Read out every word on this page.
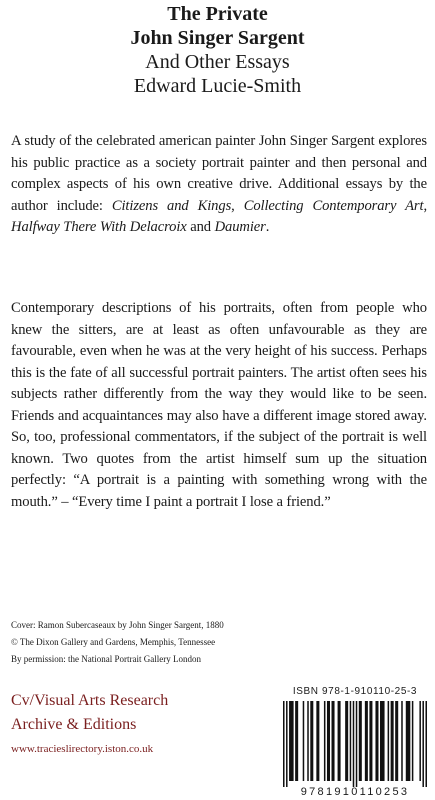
The Private
John Singer Sargent
And Other Essays
Edward Lucie-Smith
A study of the celebrated american painter John Singer Sargent explores his public practice as a society portrait painter and then personal and complex aspects of his own creative drive. Additional essays by the author include: Citizens and Kings, Collecting Contemporary Art, Halfway There With Delacroix and Daumier.
Contemporary descriptions of his portraits, often from people who knew the sitters, are at least as often unfavourable as they are favourable, even when he was at the very height of his success. Perhaps this is the fate of all successful portrait painters. The artist often sees his subjects rather differently from the way they would like to be seen. Friends and acquaintances may also have a different image stored away. So, too, professional commentators, if the subject of the portrait is well known. Two quotes from the artist himself sum up the situation perfectly: “A portrait is a painting with something wrong with the mouth.” – “Every time I paint a portrait I lose a friend.”
Cover: Ramon Subercaseaux by John Singer Sargent, 1880
© The Dixon Gallery and Gardens, Memphis, Tennessee
By permission: the National Portrait Gallery London
Cv/Visual Arts Research
Archive & Editions
www.tracieslirectory.iston.co.uk
ISBN 978-1-910110-25-3
9781910110253
